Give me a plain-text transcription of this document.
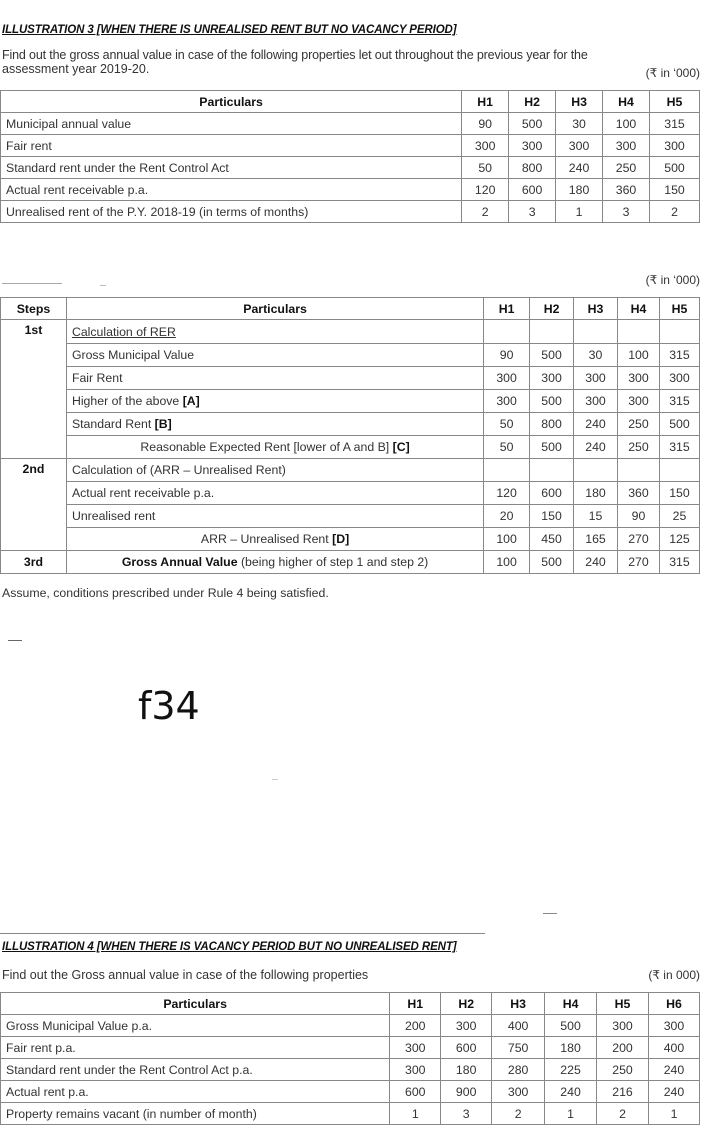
ILLUSTRATION 3 [WHEN THERE IS UNREALISED RENT BUT NO VACANCY PERIOD]
Find out the gross annual value in case of the following properties let out throughout the previous year for the
assessment year 2019-20.	(₹ in ‘000)
Particulars	H1	H2	H3	H4	H5
Municipal annual value	90	500	30	100	315
Fair rent	300	300	300	300	300
Standard rent under the Rent Control Act	50	800	240	250	500
Actual rent receivable p.a.	120	600	180	360	150
Unrealised rent of the P.Y. 2018-19 (in terms of months)	2	3	1	3	2
(₹ in ‘000)
Steps	Particulars	H1	H2	H3	H4	H5
1st	Calculation of RER					
	Gross Municipal Value	90	500	30	100	315
	Fair Rent	300	300	300	300	300
	Higher of the above [A]	300	500	300	300	315
	Standard Rent [B]	50	800	240	250	500
	Reasonable Expected Rent [lower of A and B] [C]	50	500	240	250	315
2nd	Calculation of (ARR – Unrealised Rent)					
	Actual rent receivable p.a.	120	600	180	360	150
	Unrealised rent	20	150	15	90	25
	ARR – Unrealised Rent [D]	100	450	165	270	125
3rd	Gross Annual Value (being higher of step 1 and step 2)	100	500	240	270	315
Assume, conditions prescribed under Rule 4 being satisfied.
f34
ILLUSTRATION 4 [WHEN THERE IS VACANCY PERIOD BUT NO UNREALISED RENT]
Find out the Gross annual value in case of the following properties	(₹ in 000)
Particulars	H1	H2	H3	H4	H5	H6
Gross Municipal Value p.a.	200	300	400	500	300	300
Fair rent p.a.	300	600	750	180	200	400
Standard rent under the Rent Control Act p.a.	300	180	280	225	250	240
Actual rent p.a.	600	900	300	240	216	240
Property remains vacant (in number of month)	1	3	2	1	2	1
